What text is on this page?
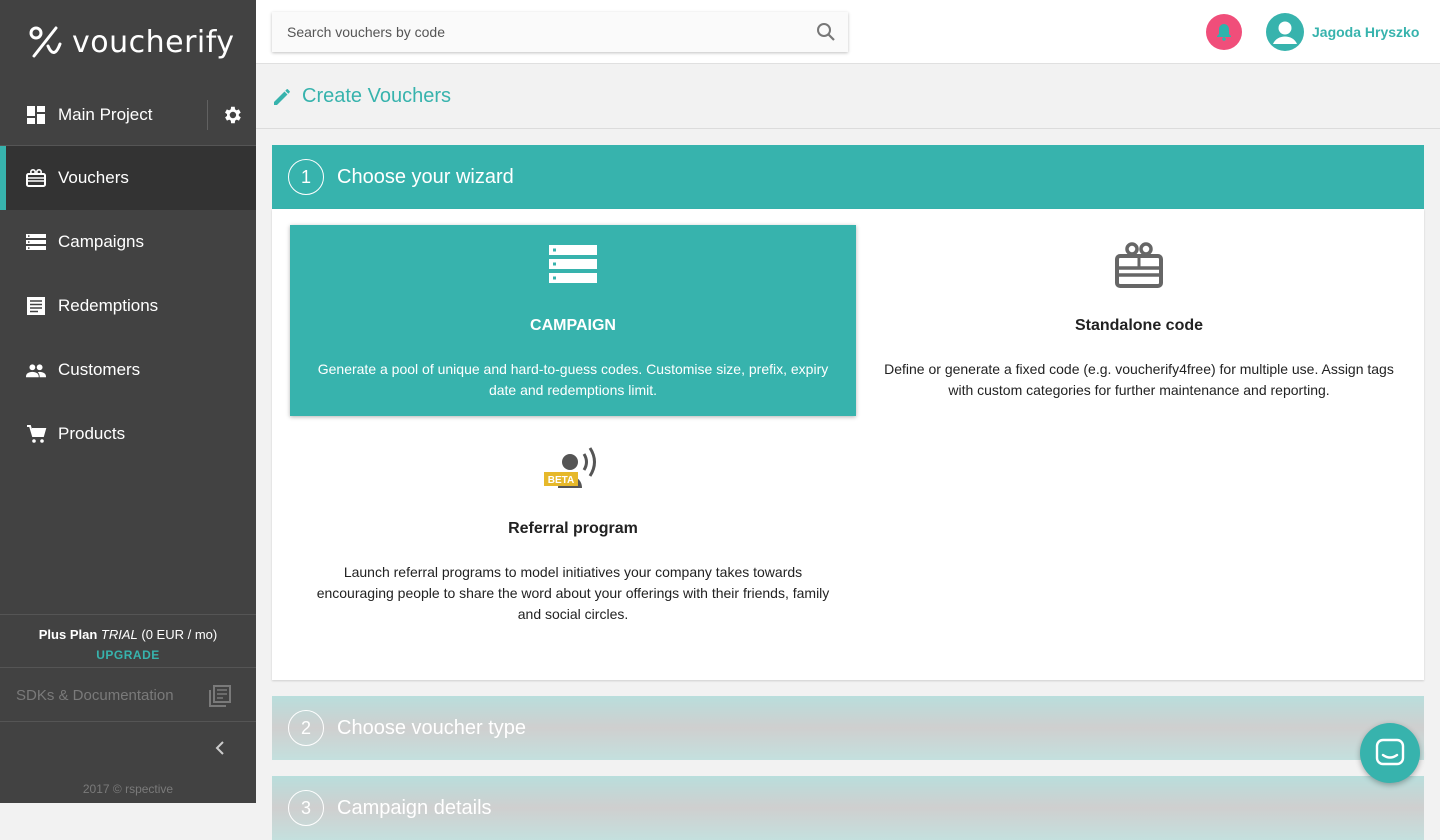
voucherify
Main Project
Vouchers
Campaigns
Redemptions
Customers
Products
Plus Plan TRIAL (0 EUR / mo)
UPGRADE
SDKs & Documentation
2017 © rspective
Search vouchers by code
Jagoda Hryszko
Create Vouchers
1	Choose your wizard
CAMPAIGN
Generate a pool of unique and hard-to-guess codes. Customise size, prefix, expiry date and redemptions limit.
Standalone code
Define or generate a fixed code (e.g. voucherify4free) for multiple use. Assign tags with custom categories for further maintenance and reporting.
BETA
Referral program
Launch referral programs to model initiatives your company takes towards encouraging people to share the word about your offerings with their friends, family and social circles.
2	Choose voucher type
3	Campaign details
